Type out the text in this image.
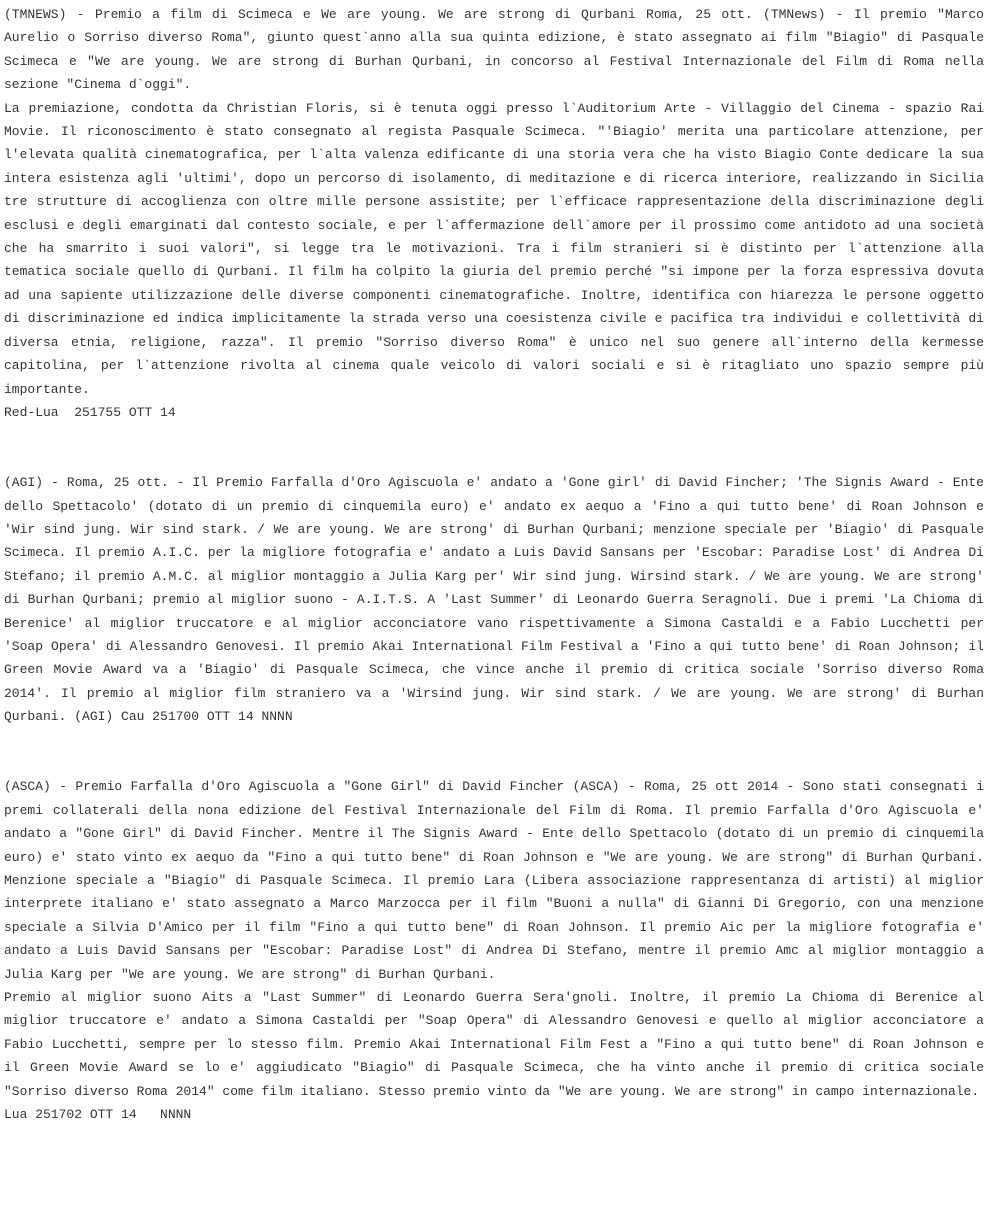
(TMNEWS) - Premio a film di Scimeca e We are young. We are strong di Qurbani Roma, 25 ott. (TMNews) - Il premio "Marco Aurelio o Sorriso diverso Roma", giunto quest`anno alla sua quinta edizione, è stato assegnato ai film "Biagio" di Pasquale Scimeca e "We are young. We are strong di Burhan Qurbani, in concorso al Festival Internazionale del Film di Roma nella sezione "Cinema d`oggi".

La premiazione, condotta da Christian Floris, si è tenuta oggi presso l`Auditorium Arte - Villaggio del Cinema - spazio Rai Movie. Il riconoscimento è stato consegnato al regista Pasquale Scimeca. "'Biagio' merita una particolare attenzione, per l'elevata qualità cinematografica, per l`alta valenza edificante di una storia vera che ha visto Biagio Conte dedicare la sua intera esistenza agli 'ultimi', dopo un percorso di isolamento, di meditazione e di ricerca interiore, realizzando in Sicilia tre strutture di accoglienza con oltre mille persone assistite; per l`efficace rappresentazione della discriminazione degli esclusi e degli emarginati dal contesto sociale, e per l`affermazione dell`amore per il prossimo come antidoto ad una società che ha smarrito i suoi valori", si legge tra le motivazioni. Tra i film stranieri si è distinto per l`attenzione alla tematica sociale quello di Qurbani. Il film ha colpito la giuria del premio perché "si impone per la forza espressiva dovuta ad una sapiente utilizzazione delle diverse componenti cinematografiche. Inoltre, identifica con hiarezza le persone oggetto di discriminazione ed indica implicitamente la strada verso una coesistenza civile e pacifica tra individui e collettività di diversa etnia, religione, razza". Il premio "Sorriso diverso Roma" è unico nel suo genere all`interno della kermesse capitolina, per l`attenzione rivolta al cinema quale veicolo di valori sociali e si è ritagliato uno spazio sempre più importante.

Red-Lua  251755 OTT 14

(AGI) - Roma, 25 ott. - Il Premio Farfalla d'Oro Agiscuola e' andato a 'Gone girl' di David Fincher; 'The Signis Award - Ente dello Spettacolo' (dotato di un premio di cinquemila euro) e' andato ex aequo a 'Fino a qui tutto bene' di Roan Johnson e 'Wir sind jung. Wir sind stark. / We are young. We are strong' di Burhan Qurbani; menzione speciale per 'Biagio' di Pasquale Scimeca. Il premio A.I.C. per la migliore fotografia e' andato a Luis David Sansans per 'Escobar: Paradise Lost' di Andrea Di Stefano; il premio A.M.C. al miglior montaggio a Julia Karg per' Wir sind jung. Wirsind stark. / We are young. We are strong' di Burhan Qurbani; premio al miglior suono - A.I.T.S. A 'Last Summer' di Leonardo Guerra Seragnoli. Due i premi 'La Chioma di Berenice' al miglior truccatore e al miglior acconciatore vano rispettivamente a Simona Castaldi e a Fabio Lucchetti per 'Soap Opera' di Alessandro Genovesi. Il premio Akai International Film Festival a 'Fino a qui tutto bene' di Roan Johnson; il Green Movie Award va a 'Biagio' di Pasquale Scimeca, che vince anche il premio di critica sociale 'Sorriso diverso Roma 2014'. Il premio al miglior film straniero va a 'Wirsind jung. Wir sind stark. / We are young. We are strong' di Burhan Qurbani. (AGI) Cau 251700 OTT 14 NNNN

(ASCA) - Premio Farfalla d'Oro Agiscuola a "Gone Girl" di David Fincher (ASCA) - Roma, 25 ott 2014 - Sono stati consegnati i premi collaterali della nona edizione del Festival Internazionale del Film di Roma. Il premio Farfalla d'Oro Agiscuola e' andato a "Gone Girl" di David Fincher. Mentre il The Signis Award - Ente dello Spettacolo (dotato di un premio di cinquemila euro) e' stato vinto ex aequo da "Fino a qui tutto bene" di Roan Johnson e "We are young. We are strong" di Burhan Qurbani. Menzione speciale a "Biagio" di Pasquale Scimeca. Il premio Lara (Libera associazione rappresentanza di artisti) al miglior interprete italiano e' stato assegnato a Marco Marzocca per il film "Buoni a nulla" di Gianni Di Gregorio, con una menzione speciale a Silvia D'Amico per il film "Fino a qui tutto bene" di Roan Johnson. Il premio Aic per la migliore fotografia e' andato a Luis David Sansans per "Escobar: Paradise Lost" di Andrea Di Stefano, mentre il premio Amc al miglior montaggio a Julia Karg per "We are young. We are strong" di Burhan Qurbani.

Premio al miglior suono Aits a "Last Summer" di Leonardo Guerra Sera'gnoli. Inoltre, il premio La Chioma di Berenice al miglior truccatore e' andato a Simona Castaldi per "Soap Opera" di Alessandro Genovesi e quello al miglior acconciatore a Fabio Lucchetti, sempre per lo stesso film. Premio Akai International Film Fest a "Fino a qui tutto bene" di Roan Johnson e il Green Movie Award se lo e' aggiudicato "Biagio" di Pasquale Scimeca, che ha vinto anche il premio di critica sociale "Sorriso diverso Roma 2014" come film italiano. Stesso premio vinto da "We are young. We are strong" in campo internazionale.

Lua 251702 OTT 14   NNNN
